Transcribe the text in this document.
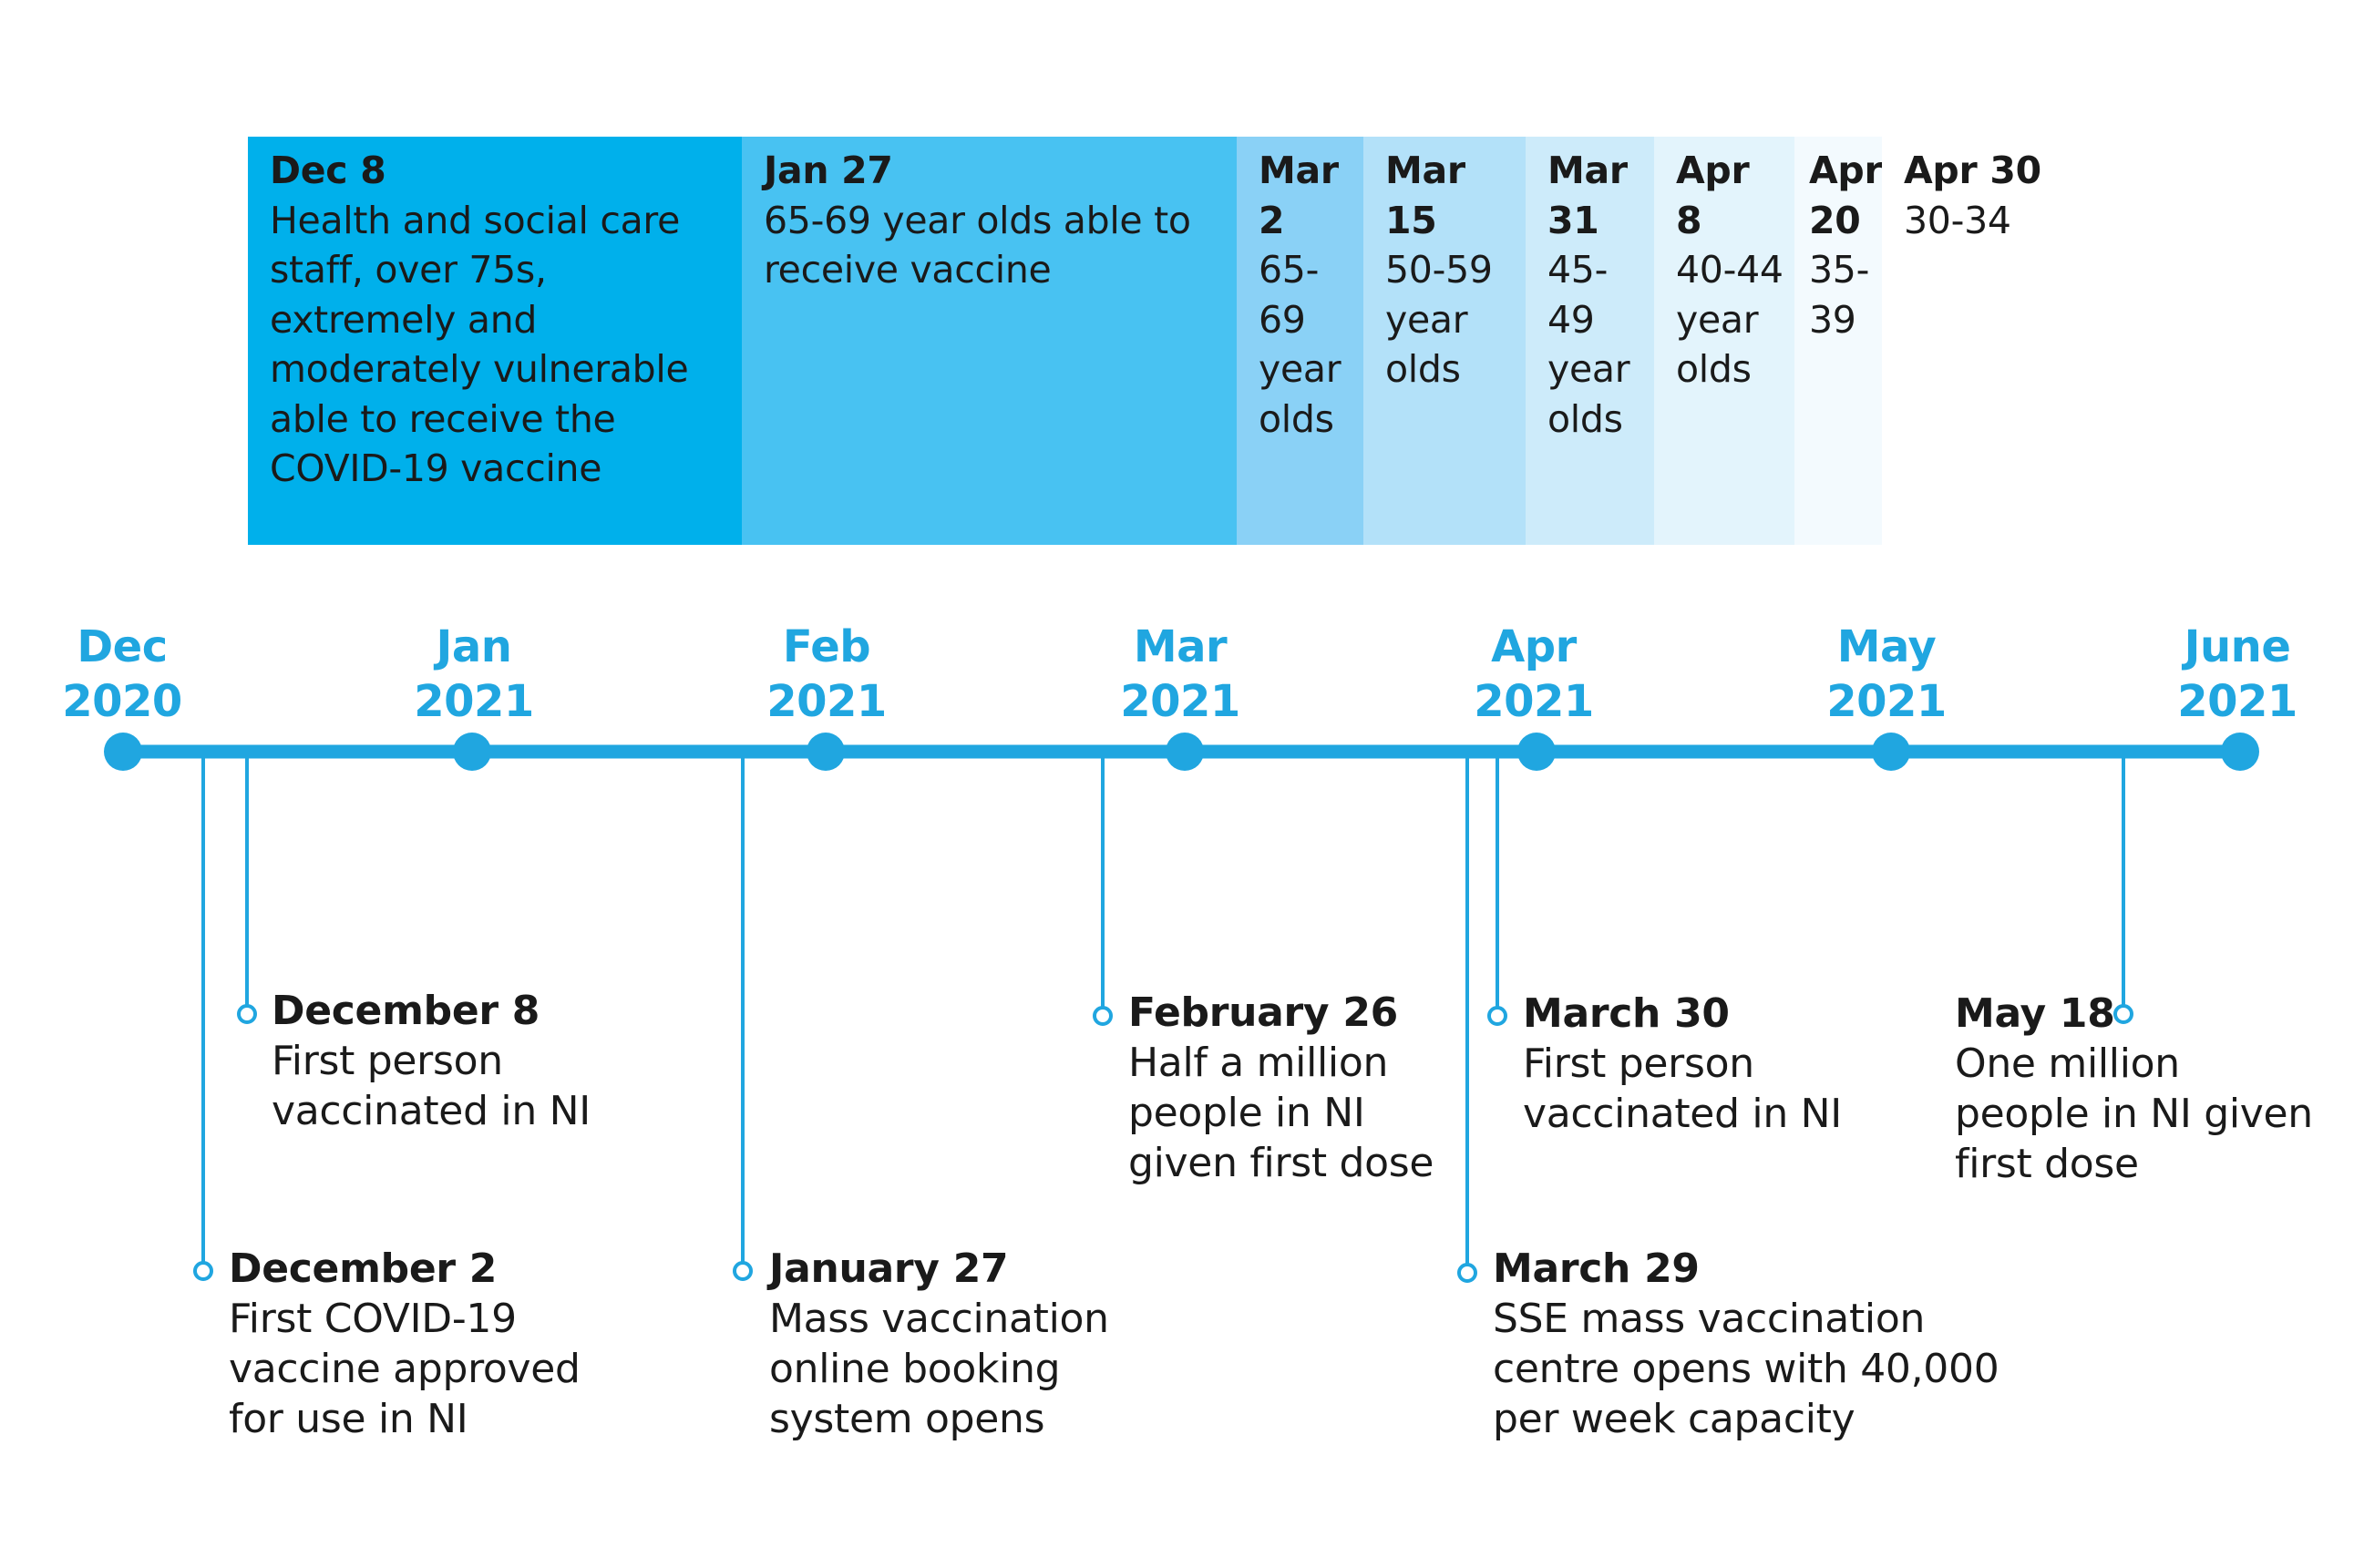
Dec 8
Health and social care staff, over 75s, extremely and moderately vulnerable able to receive the COVID-19 vaccine
Jan 27
65-69 year olds able to receive vaccine
Mar 2
65-69 year olds
Mar 15
50-59 year olds
Mar 31
45-49 year olds
Apr 8
40-44 year olds
Apr 20
35-39
Apr 30
30-34
Dec
2020
Jan
2021
Feb
2021
Mar
2021
Apr
2021
May
2021
June
2021
December 2
First COVID-19 vaccine approved for use in NI
December 8
First person vaccinated in NI
January 27
Mass vaccination online booking system opens
February 26
Half a million people in NI given first dose
March 29
SSE mass vaccination centre opens with 40,000 per week capacity
March 30
First person vaccinated in NI
May 18
One million people in NI given first dose
